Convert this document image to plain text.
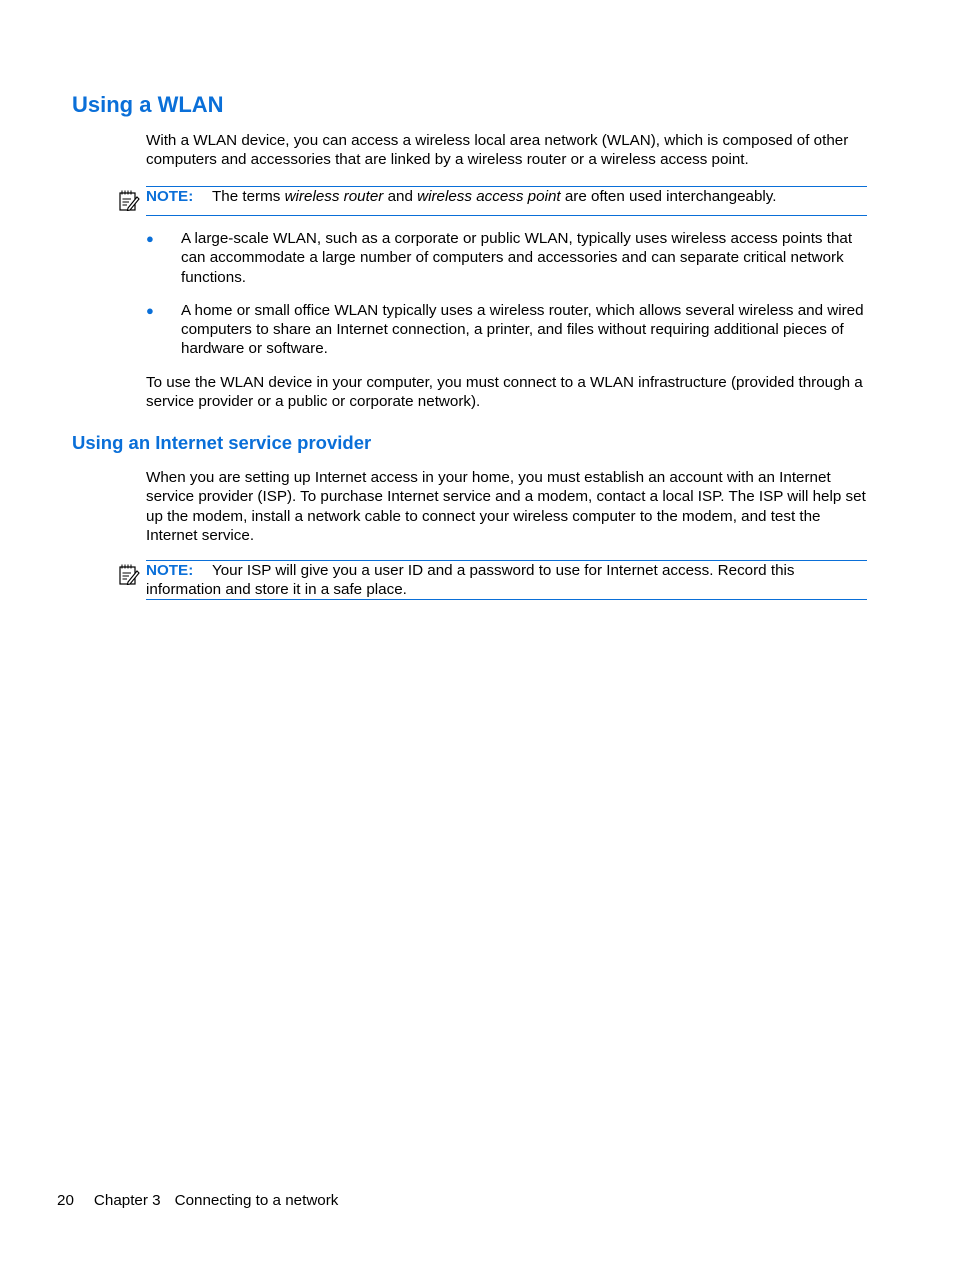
Using a WLAN

With a WLAN device, you can access a wireless local area network (WLAN), which is composed of other computers and accessories that are linked by a wireless router or a wireless access point.

NOTE: The terms wireless router and wireless access point are often used interchangeably.
● A large-scale WLAN, such as a corporate or public WLAN, typically uses wireless access points that can accommodate a large number of computers and accessories and can separate critical network functions.
● A home or small office WLAN typically uses a wireless router, which allows several wireless and wired computers to share an Internet connection, a printer, and files without requiring additional pieces of hardware or software.

To use the WLAN device in your computer, you must connect to a WLAN infrastructure (provided through a service provider or a public or corporate network).

Using an Internet service provider

When you are setting up Internet access in your home, you must establish an account with an Internet service provider (ISP). To purchase Internet service and a modem, contact a local ISP. The ISP will help set up the modem, install a network cable to connect your wireless computer to the modem, and test the Internet service.

NOTE: Your ISP will give you a user ID and a password to use for Internet access. Record this information and store it in a safe place.
20 Chapter 3 Connecting to a network
